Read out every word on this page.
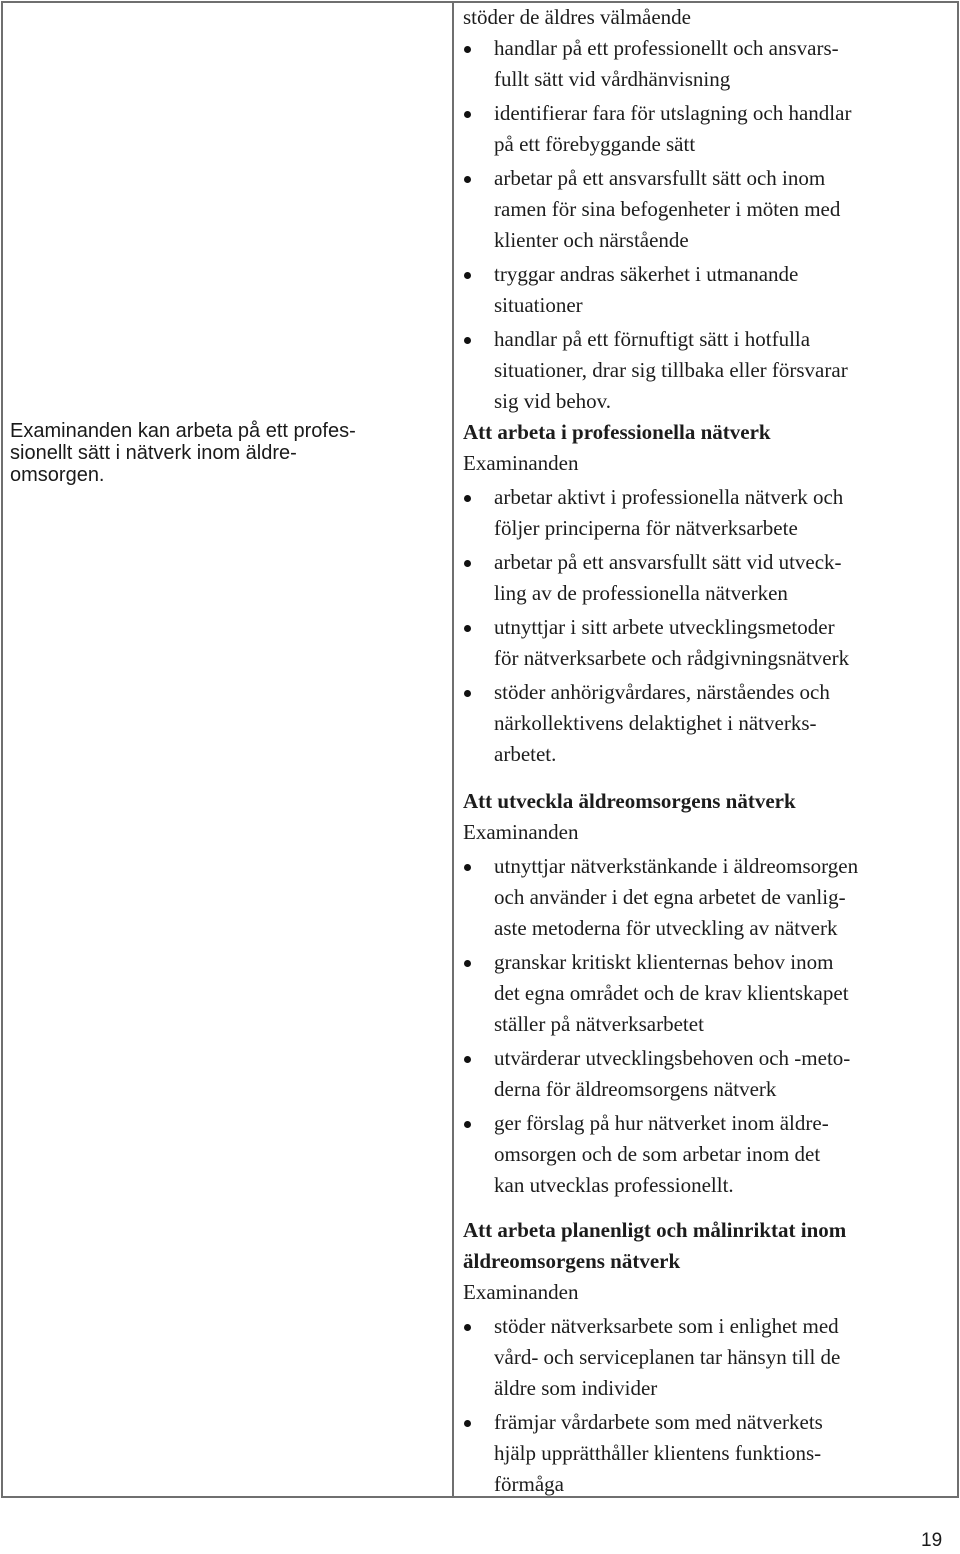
Examinanden kan arbeta på ett profes-
sionellt sätt i nätverk inom äldre-
omsorgen.
stöder de äldres välmående
handlar på ett professionellt och ansvars-
fullt sätt vid vårdhänvisning
identifierar fara för utslagning och handlar
på ett förebyggande sätt
arbetar på ett ansvarsfullt sätt och inom
ramen för sina befogenheter i möten med
klienter och närstående
tryggar andras säkerhet i utmanande
situationer
handlar på ett förnuftigt sätt i hotfulla
situationer, drar sig tillbaka eller försvarar
sig vid behov.
Att arbeta i professionella nätverk
Examinanden
arbetar aktivt i professionella nätverk och
följer principerna för nätverksarbete
arbetar på ett ansvarsfullt sätt vid utveck-
ling av de professionella nätverken
utnyttjar i sitt arbete utvecklingsmetoder
för nätverksarbete och rådgivningsnätverk
stöder anhörigvårdares, närståendes och
närkollektivens delaktighet i nätverks-
arbetet.
Att utveckla äldreomsorgens nätverk
Examinanden
utnyttjar nätverkstänkande i äldreomsorgen
och använder i det egna arbetet de vanlig-
aste metoderna för utveckling av nätverk
granskar kritiskt klienternas behov inom
det egna området och de krav klientskapet
ställer på nätverksarbetet
utvärderar utvecklingsbehoven och -meto-
derna för äldreomsorgens nätverk
ger förslag på hur nätverket inom äldre-
omsorgen och de som arbetar inom det
kan utvecklas professionellt.
Att arbeta planenligt och målinriktat inom
äldreomsorgens nätverk
Examinanden
stöder nätverksarbete som i enlighet med
vård- och serviceplanen tar hänsyn till de
äldre som individer
främjar vårdarbete som med nätverkets
hjälp upprätthåller klientens funktions-
förmåga
19
